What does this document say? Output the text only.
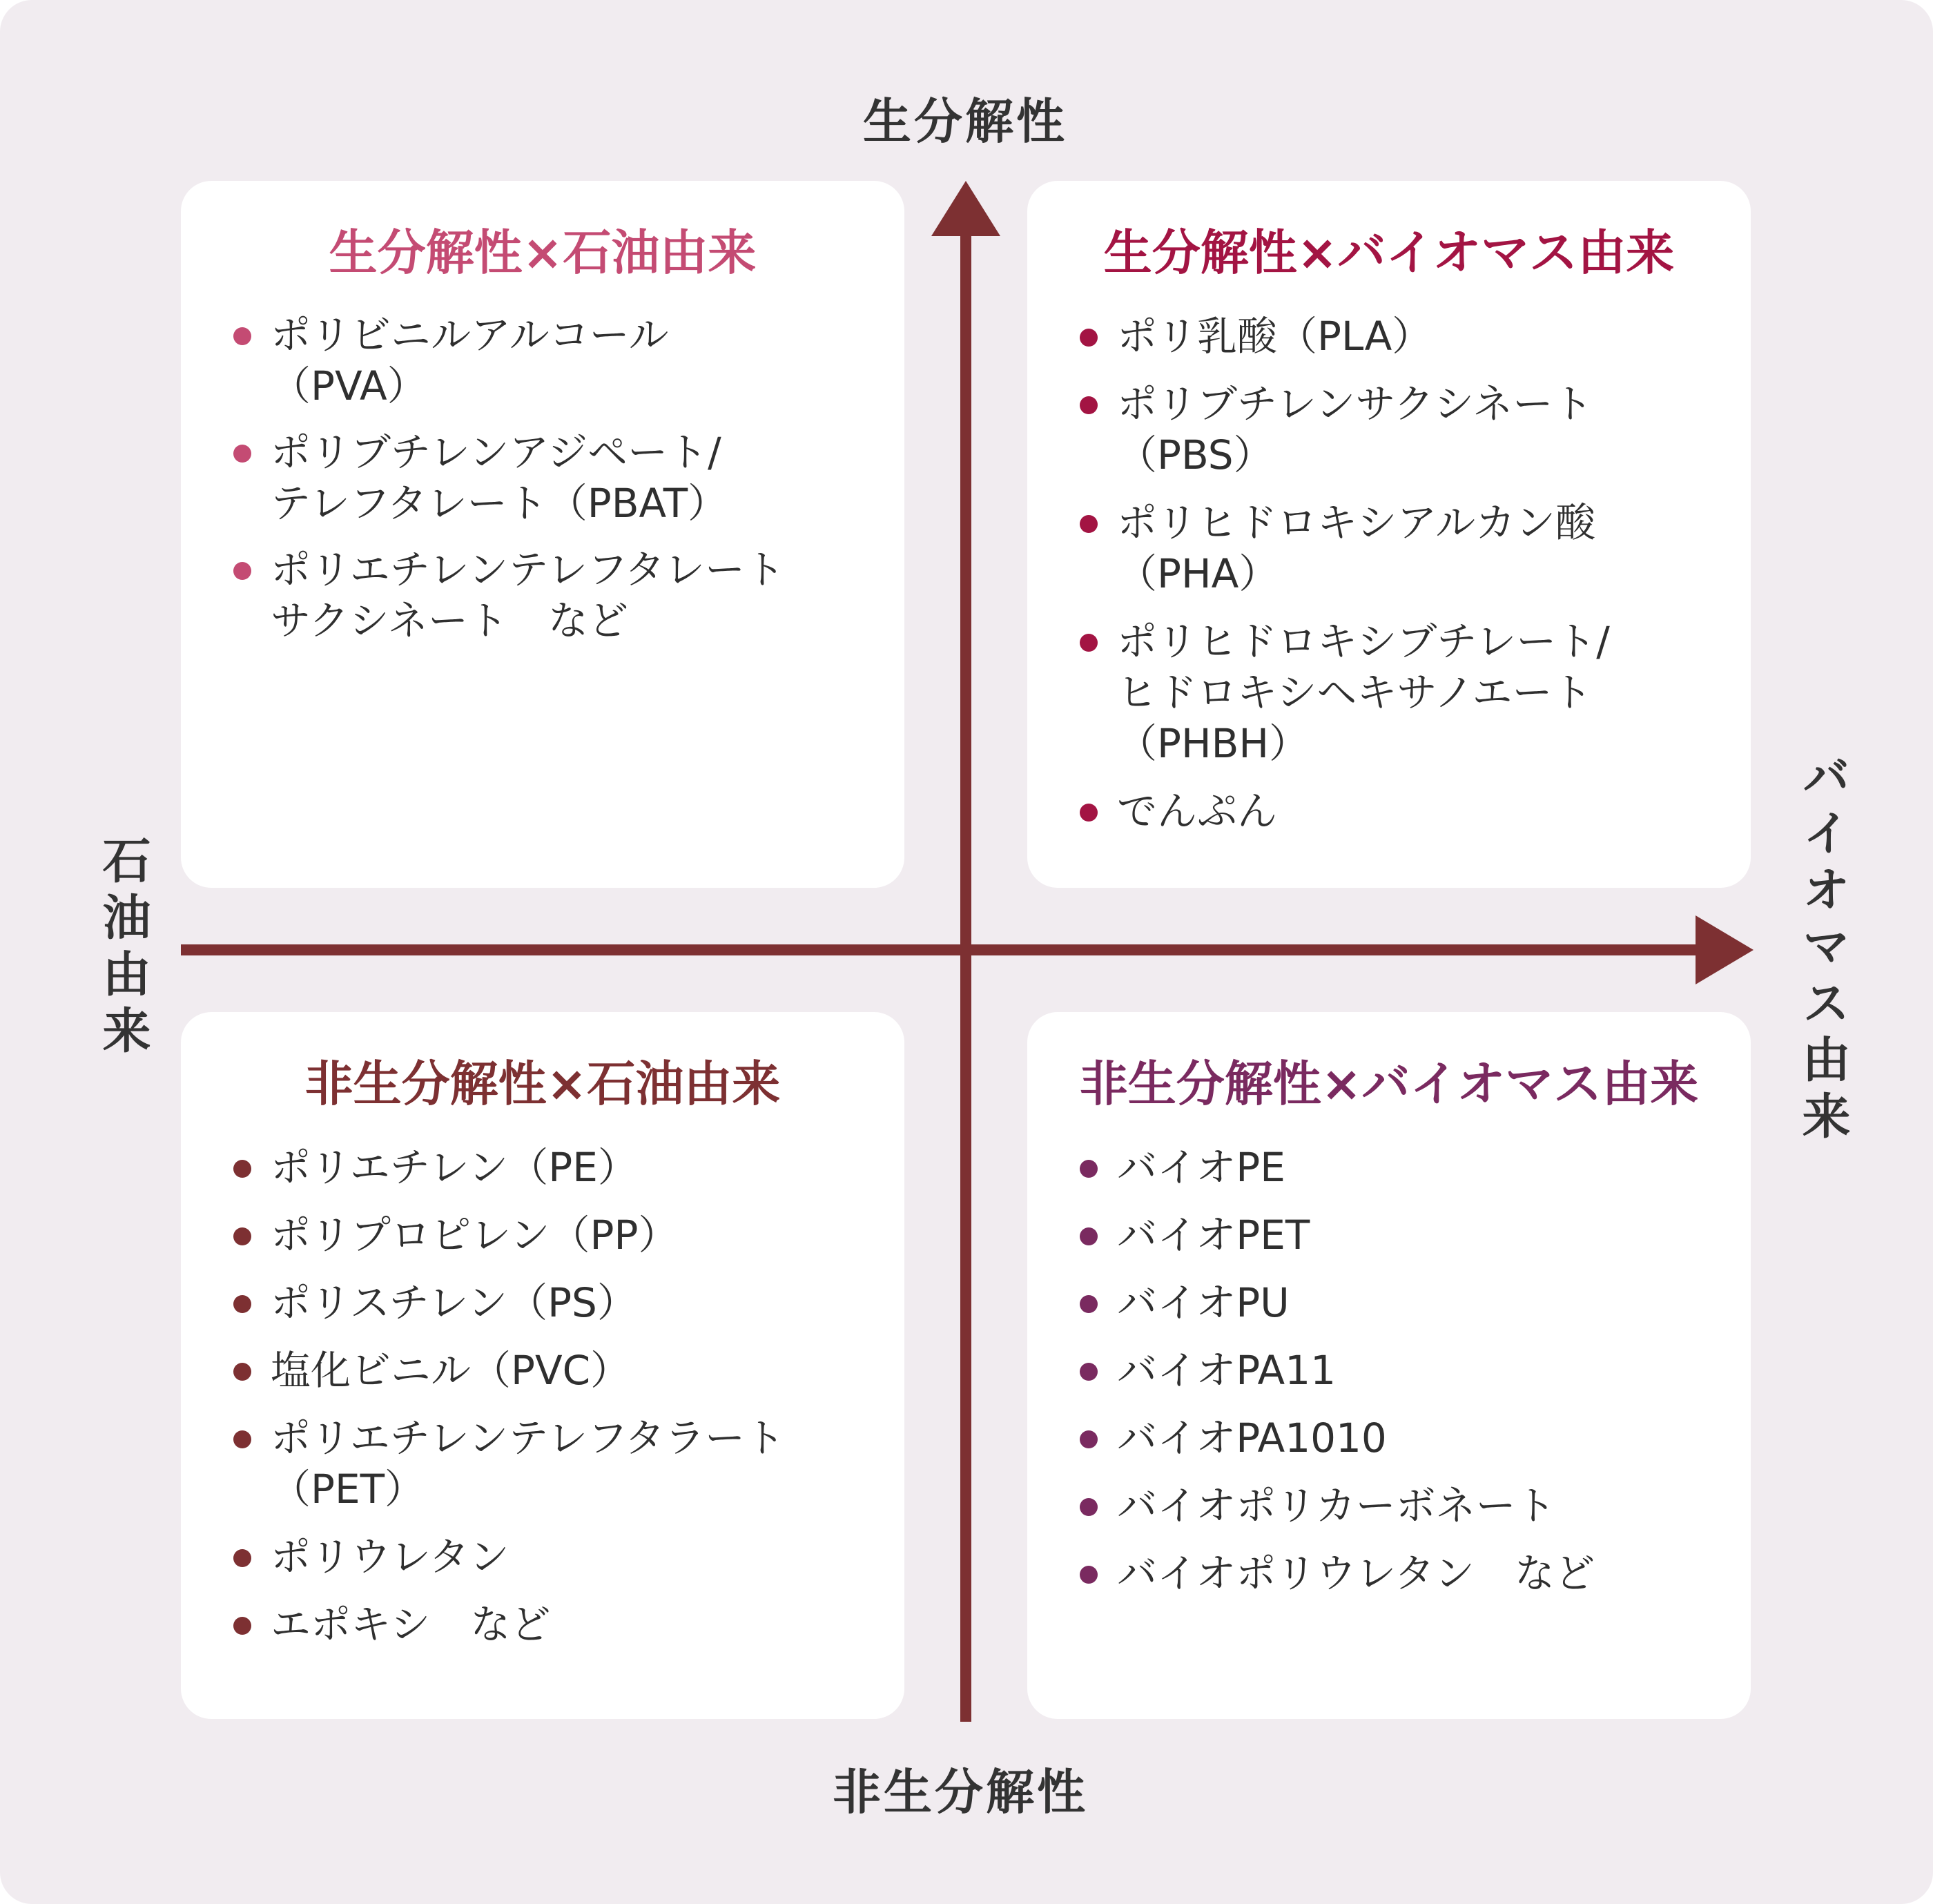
生分解性
非生分解性
石油由来	バイオマス由来
生分解性×石油由来
ポリビニルアルコール
（PVA）
ポリブチレンアジペート/
テレフタレート（PBAT）
ポリエチレンテレフタレート
サクシネート　など
生分解性×バイオマス由来
ポリ乳酸（PLA）
ポリブチレンサクシネート
（PBS）
ポリヒドロキシアルカン酸
（PHA）
ポリヒドロキシブチレート/
ヒドロキシヘキサノエート
（PHBH）
でんぷん
非生分解性×石油由来
ポリエチレン（PE）
ポリプロピレン（PP）
ポリスチレン（PS）
塩化ビニル（PVC）
ポリエチレンテレフタラート
（PET）
ポリウレタン
エポキシ　など
非生分解性×バイオマス由来
バイオPE
バイオPET
バイオPU
バイオPA11
バイオPA1010
バイオポリカーボネート
バイオポリウレタン　など
